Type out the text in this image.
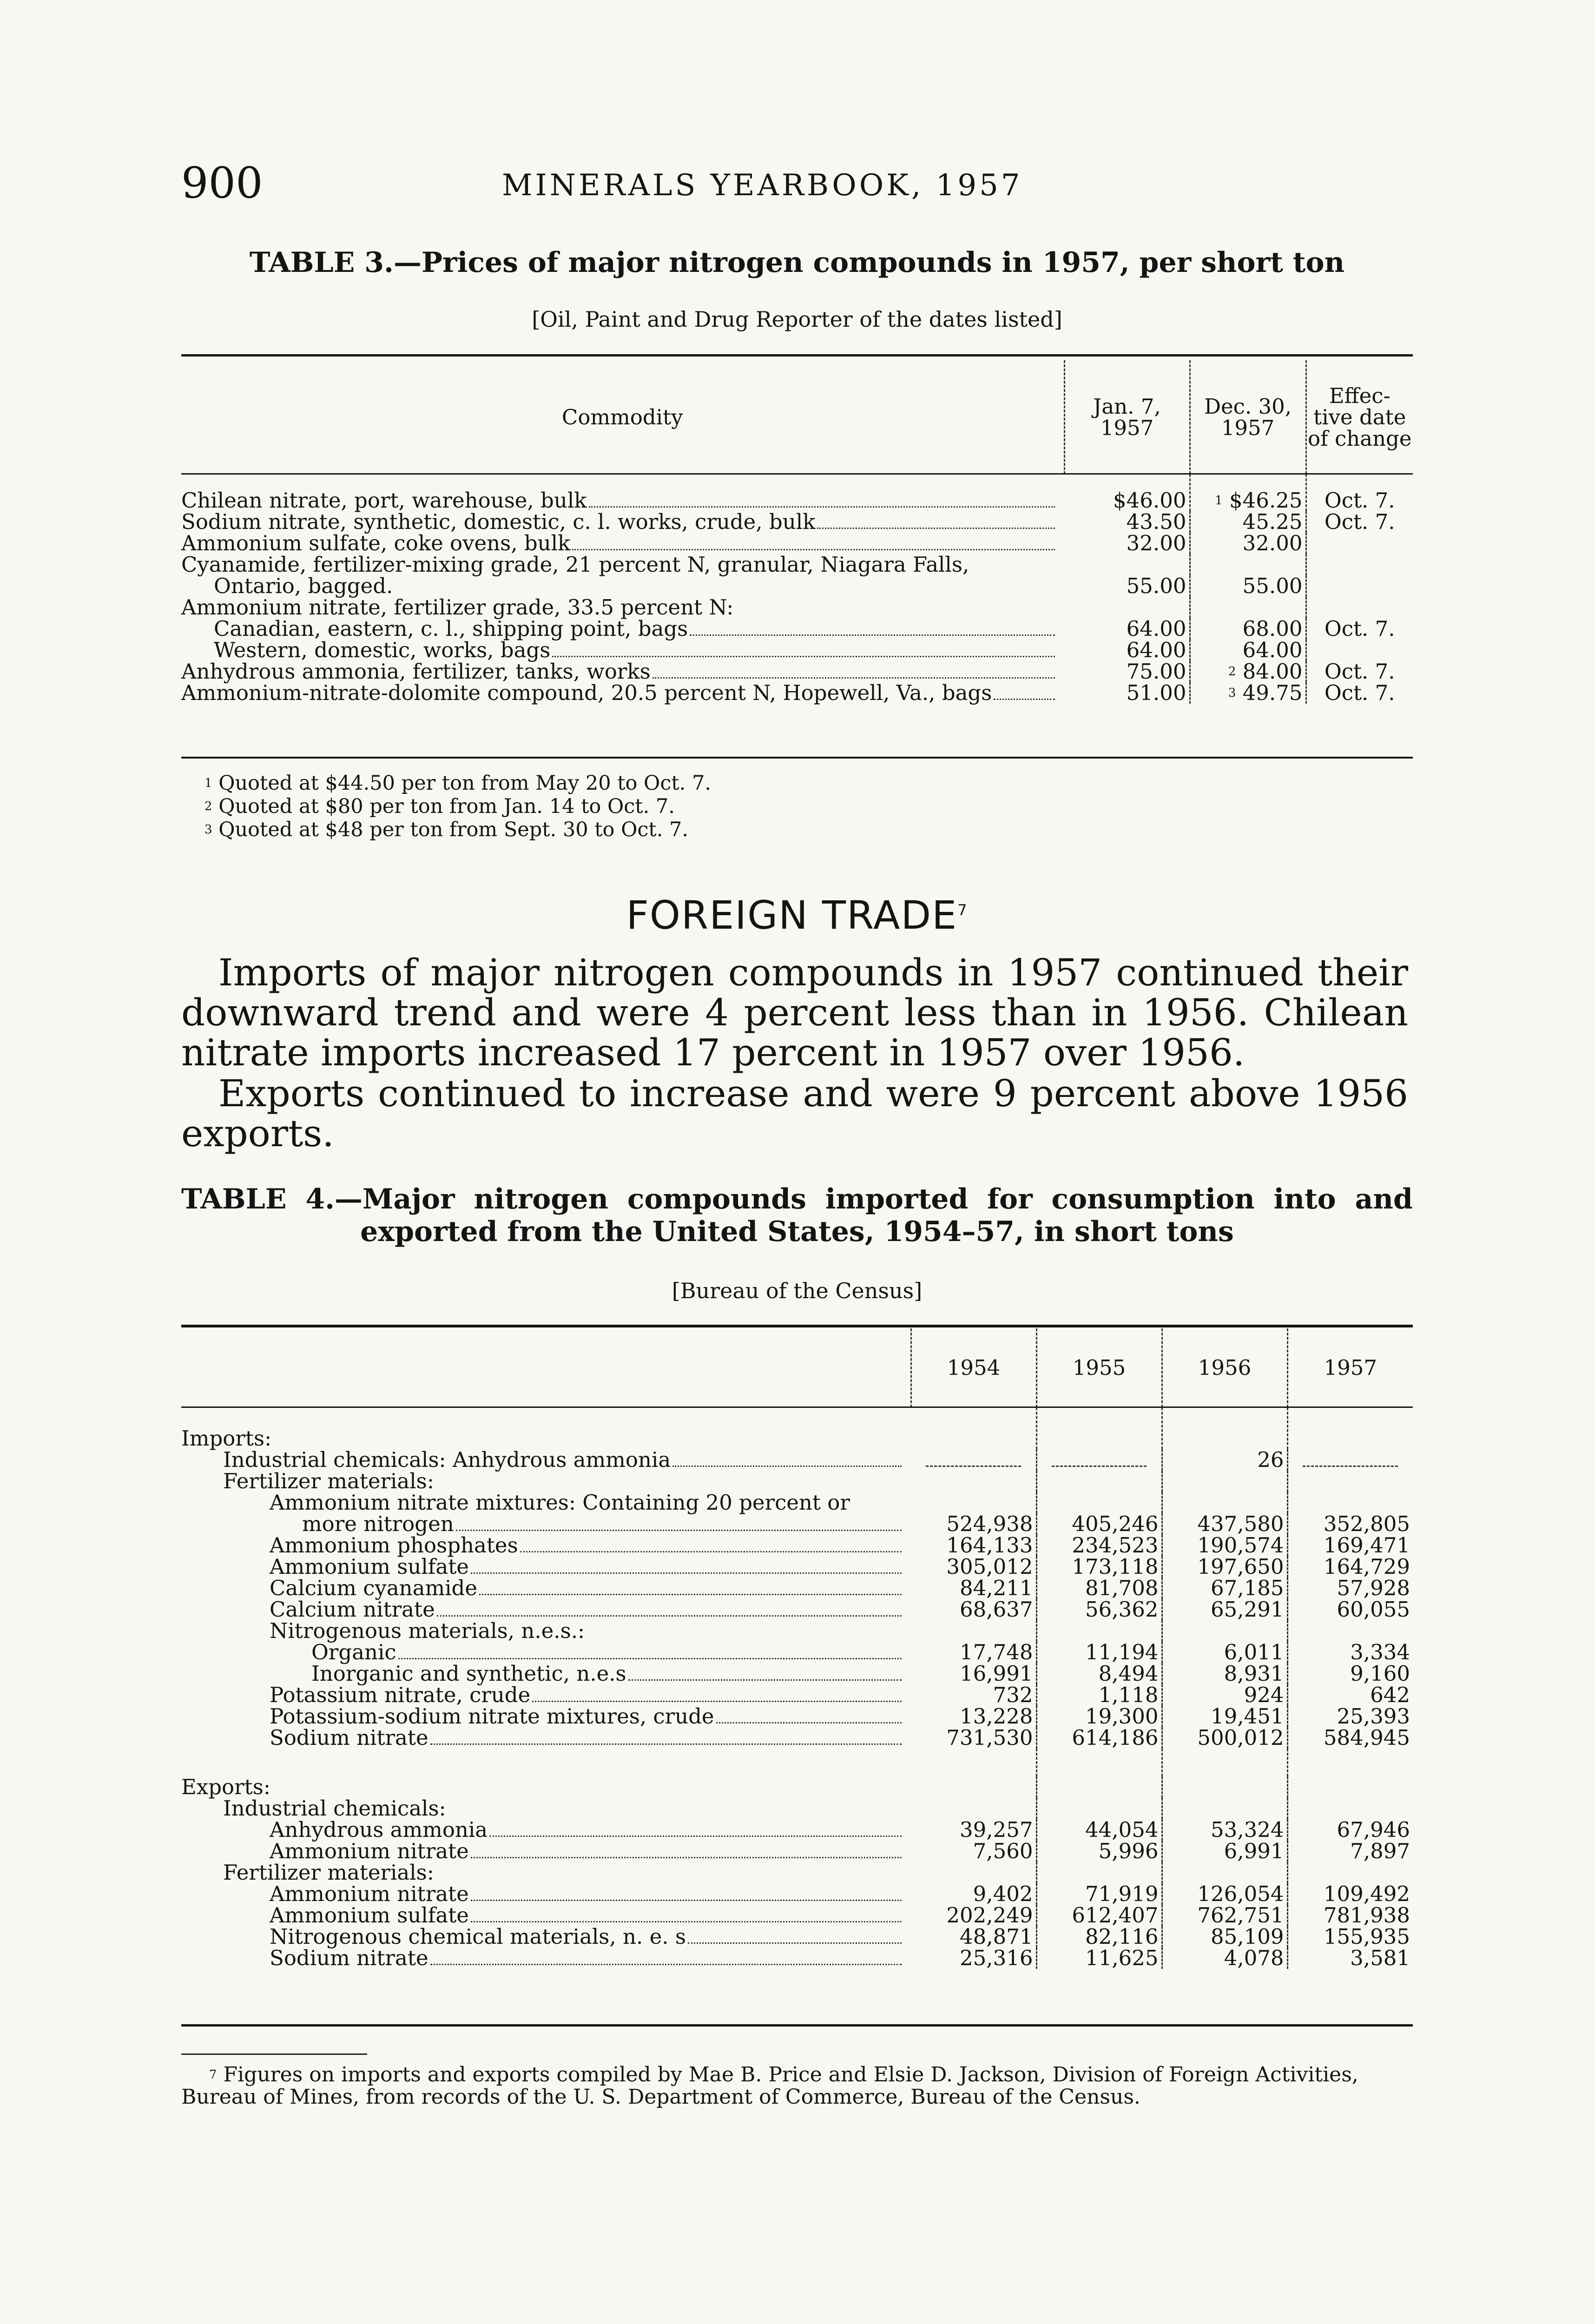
900	MINERALS YEARBOOK, 1957
TABLE 3.—Prices of major nitrogen compounds in 1957, per short ton
[Oil, Paint and Drug Reporter of the dates listed]
Commodity	Jan. 7, 1957	Dec. 30, 1957	Effec- tive date of change
Chilean nitrate, port, warehouse, bulk	$46.00	$^1$ $46.25	Oct. 7.
Sodium nitrate, synthetic, domestic, c. l. works, crude, bulk	43.50	45.25	Oct. 7.
Ammonium sulfate, coke ovens, bulk	32.00	32.00	
Cyanamide, fertilizer-mixing grade, 21 percent N, granular, Niagara Falls,			
Ontario, bagged.	55.00	55.00	
Ammonium nitrate, fertilizer grade, 33.5 percent N:			
Canadian, eastern, c. l., shipping point, bags	64.00	68.00	Oct. 7.
Western, domestic, works, bags	64.00	64.00	
Anhydrous ammonia, fertilizer, tanks, works	75.00	$^2$ 84.00	Oct. 7.
Ammonium-nitrate-dolomite compound, 20.5 percent N, Hopewell, Va., bags	51.00	$^3$ 49.75	Oct. 7.
$^1$ Quoted at $44.50 per ton from May 20 to Oct. 7.
$^2$ Quoted at $80 per ton from Jan. 14 to Oct. 7.
$^3$ Quoted at $48 per ton from Sept. 30 to Oct. 7.
FOREIGN TRADE$^7$
Imports of major nitrogen compounds in 1957 continued their downward trend and were 4 percent less than in 1956. Chilean nitrate imports increased 17 percent in 1957 over 1956.
Exports continued to increase and were 9 percent above 1956 exports.
TABLE 4.—Major nitrogen compounds imported for consumption into and
exported from the United States, 1954–57, in short tons
[Bureau of the Census]
	1954	1955	1956	1957
Imports:				
Industrial chemicals: Anhydrous ammonia			26	
Fertilizer materials:				
Ammonium nitrate mixtures: Containing 20 percent or				
more nitrogen	524,938	405,246	437,580	352,805
Ammonium phosphates	164,133	234,523	190,574	169,471
Ammonium sulfate	305,012	173,118	197,650	164,729
Calcium cyanamide	84,211	81,708	67,185	57,928
Calcium nitrate	68,637	56,362	65,291	60,055
Nitrogenous materials, n.e.s.:				
Organic	17,748	11,194	6,011	3,334
Inorganic and synthetic, n.e.s	16,991	8,494	8,931	9,160
Potassium nitrate, crude	732	1,118	924	642
Potassium-sodium nitrate mixtures, crude	13,228	19,300	19,451	25,393
Sodium nitrate	731,530	614,186	500,012	584,945

Exports:				
Industrial chemicals:				
Anhydrous ammonia	39,257	44,054	53,324	67,946
Ammonium nitrate	7,560	5,996	6,991	7,897
Fertilizer materials:				
Ammonium nitrate	9,402	71,919	126,054	109,492
Ammonium sulfate	202,249	612,407	762,751	781,938
Nitrogenous chemical materials, n. e. s	48,871	82,116	85,109	155,935
Sodium nitrate	25,316	11,625	4,078	3,581
$^7$ Figures on imports and exports compiled by Mae B. Price and Elsie D. Jackson, Division of Foreign Activities, Bureau of Mines, from records of the U. S. Department of Commerce, Bureau of the Census.
